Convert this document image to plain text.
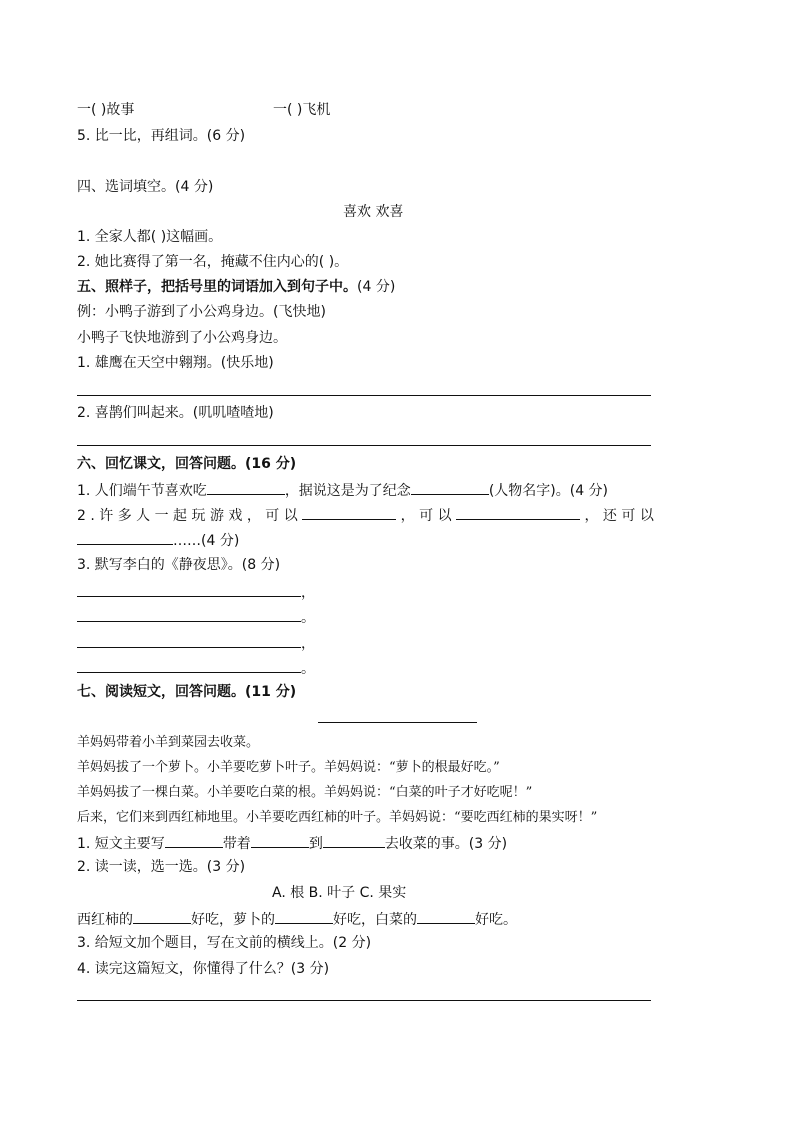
一( )故事	一( )飞机
5. 比一比，再组词。(6 分)
四、选词填空。(4 分)
喜欢 欢喜
1. 全家人都( )这幅画。
2. 她比赛得了第一名，掩藏不住内心的( )。
五、照样子，把括号里的词语加入到句子中。(4 分)
例：小鸭子游到了小公鸡身边。(飞快地)
小鸭子飞快地游到了小公鸡身边。
1. 雄鹰在天空中翱翔。(快乐地)
2. 喜鹊们叫起来。(叽叽喳喳地)
六、回忆课文，回答问题。(16 分)
1. 人们端午节喜欢吃	，据说这是为了纪念	(人物名字)。(4 分)
2 . 许 多 人 一 起 玩 游 戏 ， 可 以	， 可 以	， 还 可 以
……(4 分)
3. 默写李白的《静夜思》。(8 分)
，
。
，
。
七、阅读短文，回答问题。(11 分)
羊妈妈带着小羊到菜园去收菜。
羊妈妈拔了一个萝卜。小羊要吃萝卜叶子。羊妈妈说：“萝卜的根最好吃。”
羊妈妈拔了一棵白菜。小羊要吃白菜的根。羊妈妈说：“白菜的叶子才好吃呢！”
后来，它们来到西红柿地里。小羊要吃西红柿的叶子。羊妈妈说：“要吃西红柿的果实呀！”
1. 短文主要写	带着	到	去收菜的事。(3 分)
2. 读一读，选一选。(3 分)
A. 根 B. 叶子 C. 果实
西红柿的	好吃，萝卜的	好吃，白菜的	好吃。
3. 给短文加个题目，写在文前的横线上。(2 分)
4. 读完这篇短文，你懂得了什么？(3 分)
